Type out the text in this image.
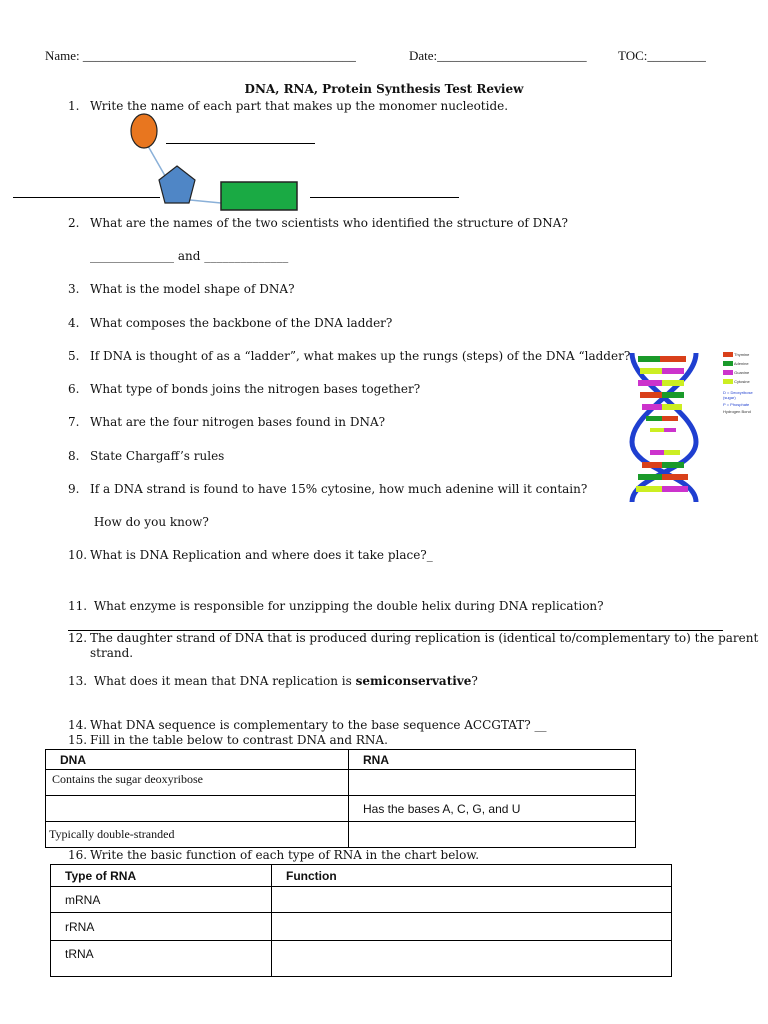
Name: __________________________________________	Date:_______________________ TOC:_________
DNA, RNA, Protein Synthesis Test Review
1. Write the name of each part that makes up the monomer nucleotide.
2. What are the names of the two scientists who identified the structure of DNA?
______________ and ______________
3. What is the model shape of DNA?
4. What composes the backbone of the DNA ladder?
5. If DNA is thought of as a “ladder”, what makes up the rungs (steps) of the DNA “ladder?
6. What type of bonds joins the nitrogen bases together?
7. What are the four nitrogen bases found in DNA?
8. State Chargaff’s rules
9. If a DNA strand is found to have 15% cytosine, how much adenine will it contain?
How do you know?
10. What is DNA Replication and where does it take place?_
11. What enzyme is responsible for unzipping the double helix during DNA replication?
12. The daughter strand of DNA that is produced during replication is (identical to/complementary to) the parent
strand.
13. What does it mean that DNA replication is semiconservative?
14. What DNA sequence is complementary to the base sequence ACCGTAT? __
15. Fill in the table below to contrast DNA and RNA.
DNA	RNA
Contains the sugar deoxyribose	
	Has the bases A, C, G, and U
Typically double-stranded	
16. Write the basic function of each type of RNA in the chart below.
Type of RNA	Function
mRNA	
rRNA	
tRNA	
Thymine
Adenine
Guanine
Cytosine
D = Deoxyribose (sugar)
P = Phosphate
Hydrogen Bond
